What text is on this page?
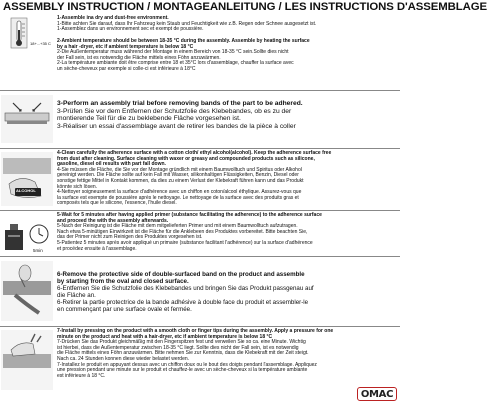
ASSEMBLY INSTRUCTION / MONTAGEANLEITUNG / LES INSTRUCTIONS D'ASSEMBLAGE
18+...+35 C

1-Assemble ina dry and dust-free environment.

1-Bitte achten Sie darauf, dass Ihr Fahrzeug kein Staub und Feuchtigkeit wie z.B. Regen oder Schnee ausgesetzt ist.

1-Assemblez dans un environnement sec et exempt de poussière.

2-Ambient temperature should be between 18-35 °C during the assembly. Assemble by heating the surface

by a hair -dryer, etc if ambient temperature is below 18 °C

2-Die Außentemperatur muss während der Montage in einem Bereich von 18-35 °C sein.Sollte dies nicht

der Fall sein, ist es notwendig die Fläche mittels eines Föhn anzuwärmen.

2-La température ambiante doit être comprise entre 18 et 35°C lors d'assemblage, chauffer la surface avec

un sèche-cheveux par exemple si colle-ci est inférieure à 18°C

3-Perform an assembly trial before removing bands of the part to be adhered.

3-Prüfen Sie vor dem Entfernen der Schutzfolie des Klebebandes, ob es zu der

montierende Teil für die zu beklebende Fläche vorgesehen ist.

3-Réaliser un essai d'assemblage avant de retirer les bandes de la pièce à coller

ALCOHOL

4-Clean carefully the adherence surface with a cotton cloth/ ethyl alcohol(alcohol). Keep the adherence surface free

from dust after cleaning. Surface cleaning with waxer or greasy and compounded products such as silicone,

gasoline, diesel oil results with part fall down.

4-Sie müssen die Fläche, die Sie vor der Montage gründlich mit einem Baumwolltuch und Spiritus oder Alkohol

gereinigt werden. Die Fläche sollte auf kein Fall mit Wasser, silikonhaltigen Flüssigkeiten, Benzin, Diesel oder

sonstige fettige Mittel in Kontakt kommen, da dies zu einem Verlust der Klebekraft führen kann und das Produkt

könnte sich lösen.

4-Nettoyer soigneusement la surface d'adhérence avec un chiffon en coton/alcool éthylique. Assurez-vous que

la surface est exempte de poussière après le nettoyage. Le nettoyage de la surface avec des produits gras et

composés tels que le silicone, l'essence, l'huile diesel.

5min

5-Wait for 5 minutes after having applied primer (substance facilitating the adherence) to the adherence surface

and proceed the with the assembly afterwards.

5-Nach der Reinigung ist die Fläche mit dem mitgelieferten Primer und mit einem Baumwolltuch aufzutragen.

Nach etwa 5-minütigen Einwirkzeit ist die Fläche für die Anklebeen des Produktes vorbereitet. Bitte beachten Sie,

das der Primer nicht zum Reinigen des Produktes vorgesehen ist.

5-Patientez 5 minutes après avoir appliqué un primaire (substance facilitant l'adhérence) sur la surface d'adhérence

et procédez ensuite à l'assemblage.

6-Remove the protective side of double-surfaced band on the product and assemble

by starting from the oval and closed surface.

6-Entfernen Sie die Schutzfolie des Klebebandes und bringen Sie das Produkt passgenau auf

die Fläche an.

6-Retirer la partie protectrice de la bande adhésive à double face du produit et assembler-le

en commençant par une surface ovale et fermée.

7-Install by pressing on the product with a smooth cloth or finger tips during the assembly. Apply a pressure for one

minute on the product and heat with a hair-dryer, etc if ambient temperature is below 18 °C

7-Drücken Sie das Produkt gleichmäßig mit den Fingerspitzen fest und verweilen Sie so ca. eine Minute. Wichtig

ist hierbei, dass die Außentemperatur zwischen 18-35 °C liegt. Sollte dies nicht der Fall sein, ist es notwendig

die Fläche mittels eines Föhn anzuwärmen. Bitte nehmen Sie zur Kenntnis, dass die Klebekraft mit der Zeit steigt.

Nach ca. 24 Stunden konnen diese wieder belastet werden.

7-Installez le produit en appuyant dessus avec un chiffon doux ou le bout des doigts pendant l'assemblage. Appliquez

une pression pendant une minute sur le produit et chauffez-le avec un sèche-cheveux si la température ambiante

est inférieure à 18 °C.

OMAC
